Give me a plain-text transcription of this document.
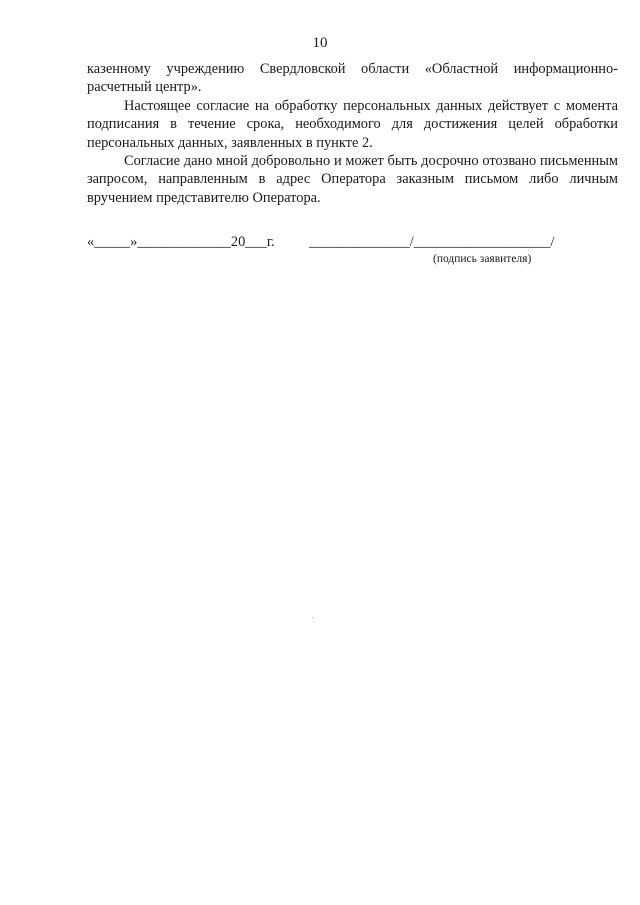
10

казенному учреждению Свердловской области «Областной информационно-расчетный центр».

Настоящее согласие на обработку персональных данных действует с момента подписания в течение срока, необходимого для достижения целей обработки персональных данных, заявленных в пункте 2.

Согласие дано мной добровольно и может быть досрочно отозвано письменным запросом, направленным в адрес Оператора заказным письмом либо личным вручением представителю Оператора.

«_____»_____________20___г. ______________/___________________/
(подпись заявителя)
